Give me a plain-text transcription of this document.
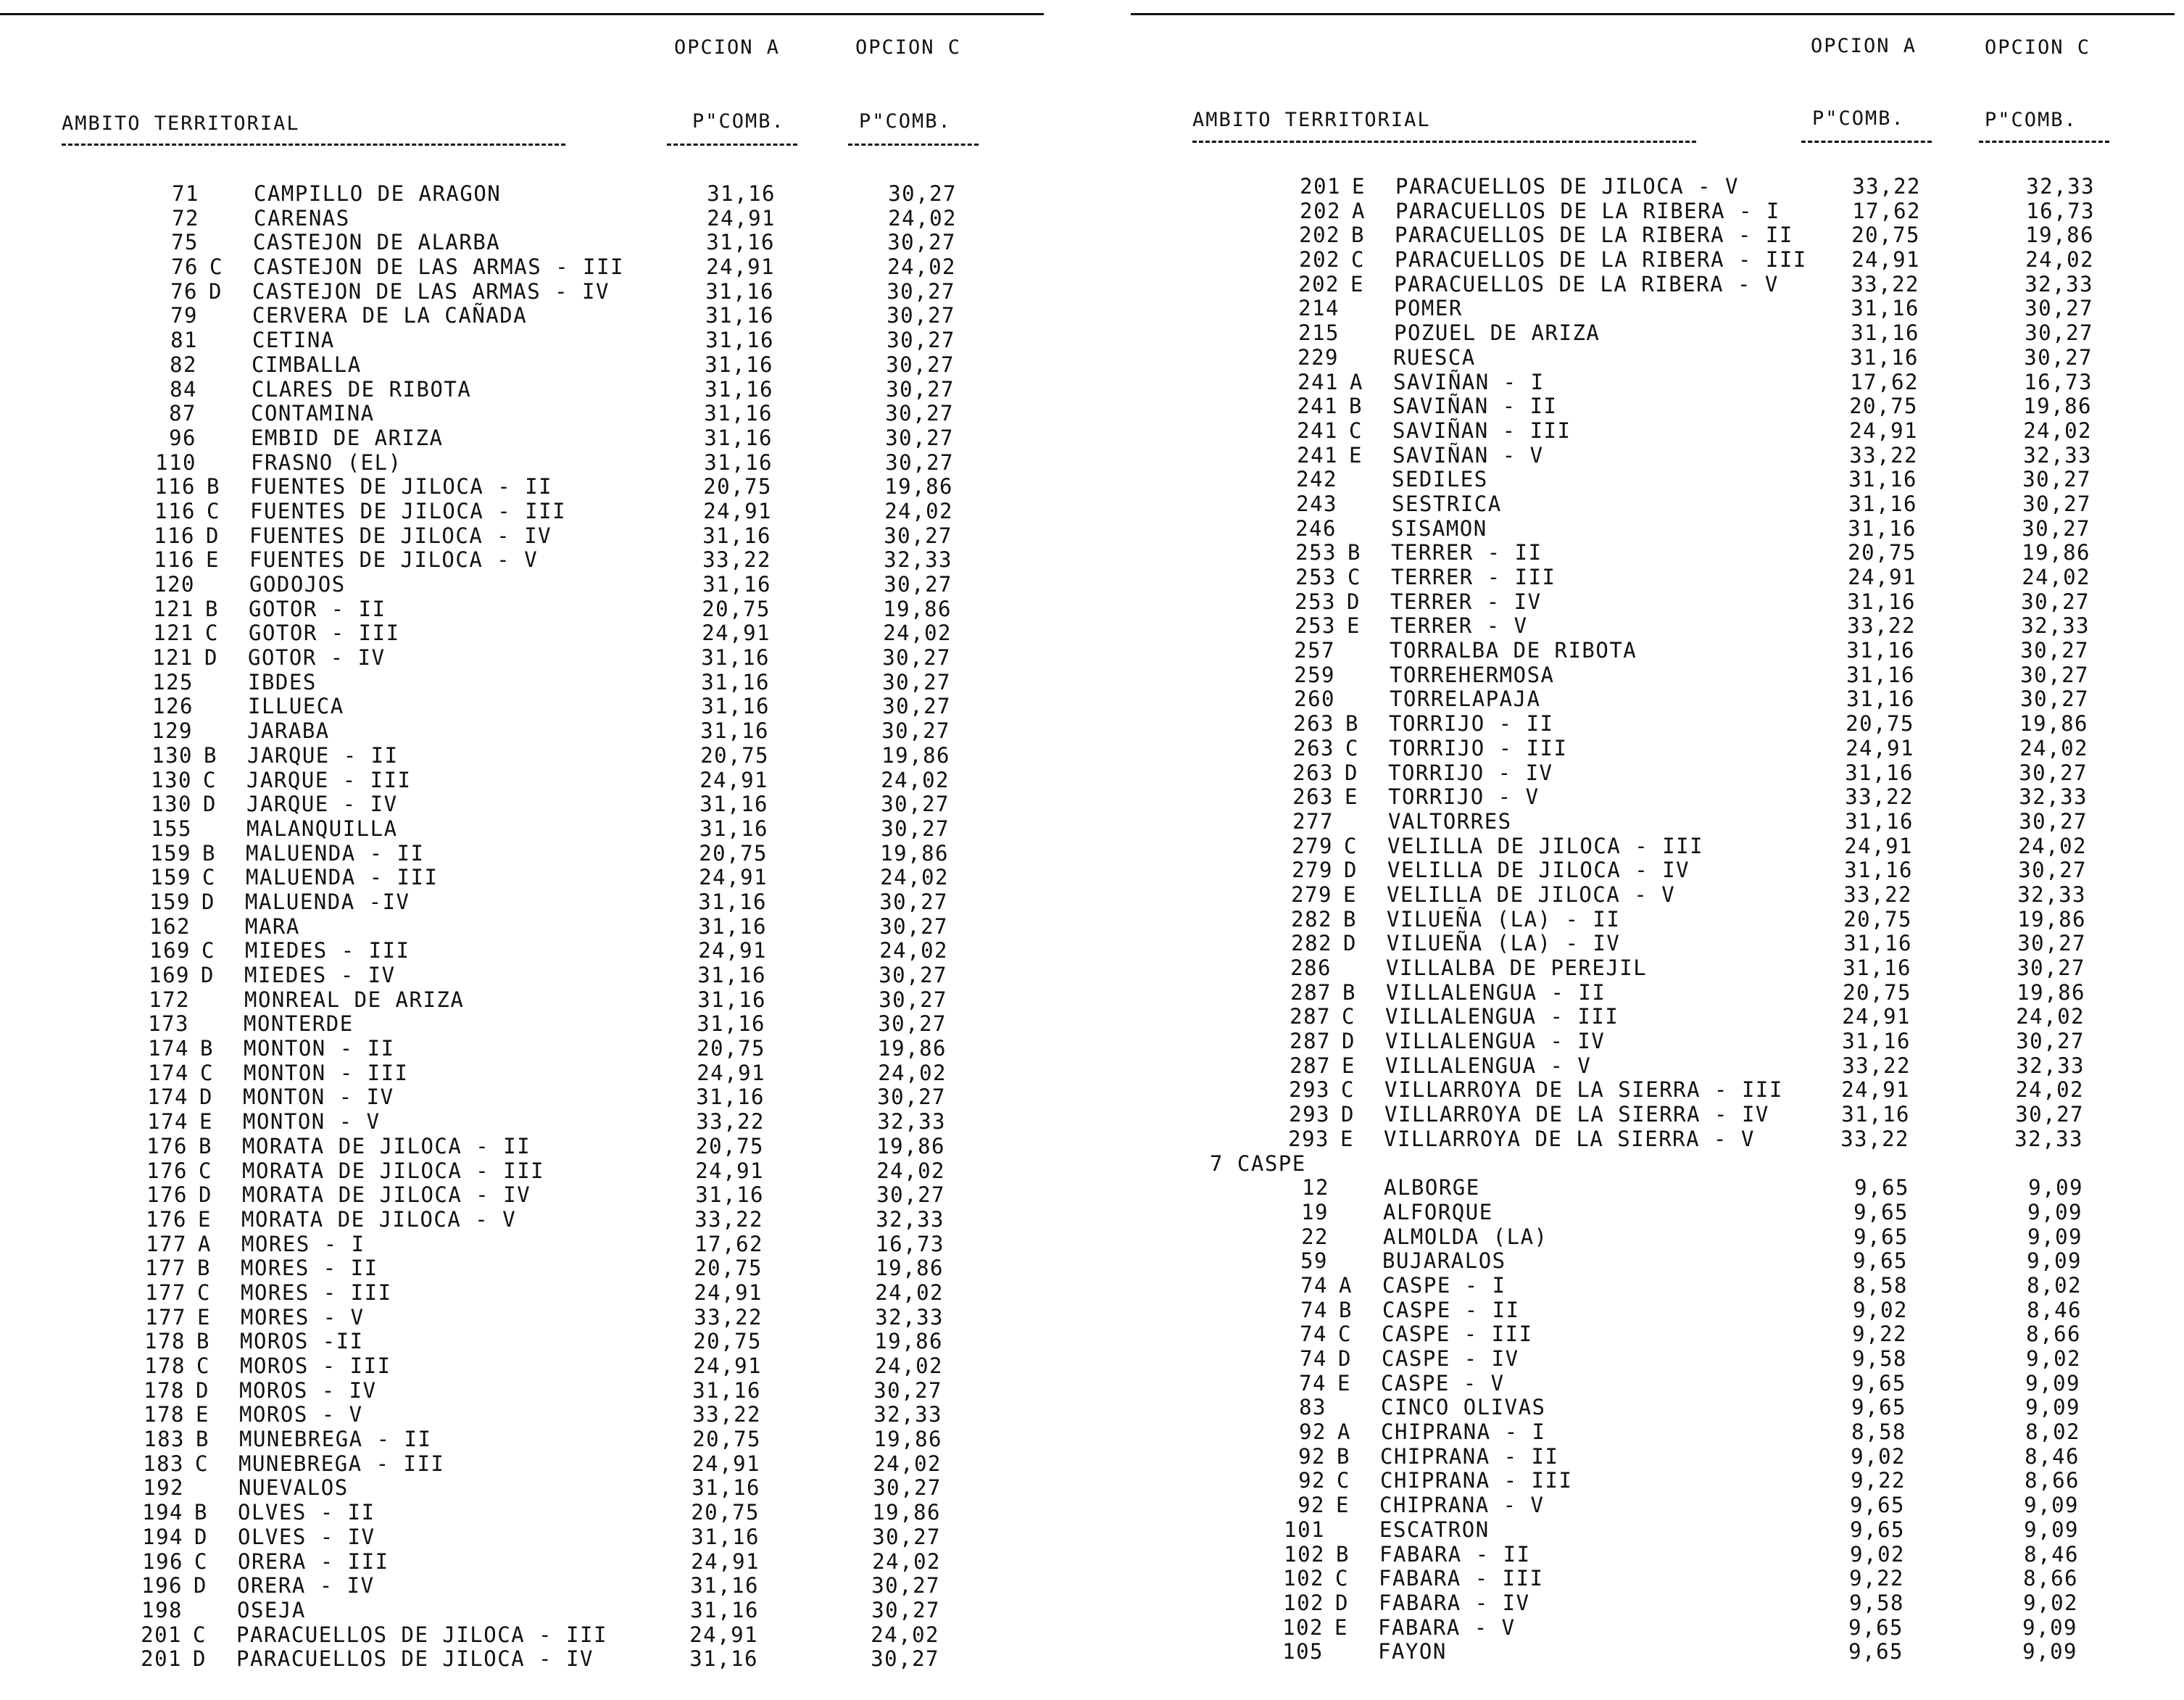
OPCION A	OPCION C
AMBITO TERRITORIAL	P"COMB.	P"COMB.
71	CAMPILLO DE ARAGON	31,16	30,27
72	CARENAS	24,91	24,02
75	CASTEJON DE ALARBA	31,16	30,27
76 C	CASTEJON DE LAS ARMAS - III	24,91	24,02
76 D	CASTEJON DE LAS ARMAS - IV	31,16	30,27
79	CERVERA DE LA CAÑADA	31,16	30,27
81	CETINA	31,16	30,27
82	CIMBALLA	31,16	30,27
84	CLARES DE RIBOTA	31,16	30,27
87	CONTAMINA	31,16	30,27
96	EMBID DE ARIZA	31,16	30,27
110	FRASNO (EL)	31,16	30,27
116 B	FUENTES DE JILOCA - II	20,75	19,86
116 C	FUENTES DE JILOCA - III	24,91	24,02
116 D	FUENTES DE JILOCA - IV	31,16	30,27
116 E	FUENTES DE JILOCA - V	33,22	32,33
120	GODOJOS	31,16	30,27
121 B	GOTOR - II	20,75	19,86
121 C	GOTOR - III	24,91	24,02
121 D	GOTOR - IV	31,16	30,27
125	IBDES	31,16	30,27
126	ILLUECA	31,16	30,27
129	JARABA	31,16	30,27
130 B	JARQUE - II	20,75	19,86
130 C	JARQUE - III	24,91	24,02
130 D	JARQUE - IV	31,16	30,27
155	MALANQUILLA	31,16	30,27
159 B	MALUENDA - II	20,75	19,86
159 C	MALUENDA - III	24,91	24,02
159 D	MALUENDA -IV	31,16	30,27
162	MARA	31,16	30,27
169 C	MIEDES - III	24,91	24,02
169 D	MIEDES - IV	31,16	30,27
172	MONREAL DE ARIZA	31,16	30,27
173	MONTERDE	31,16	30,27
174 B	MONTON - II	20,75	19,86
174 C	MONTON - III	24,91	24,02
174 D	MONTON - IV	31,16	30,27
174 E	MONTON - V	33,22	32,33
176 B	MORATA DE JILOCA - II	20,75	19,86
176 C	MORATA DE JILOCA - III	24,91	24,02
176 D	MORATA DE JILOCA - IV	31,16	30,27
176 E	MORATA DE JILOCA - V	33,22	32,33
177 A	MORES - I	17,62	16,73
177 B	MORES - II	20,75	19,86
177 C	MORES - III	24,91	24,02
177 E	MORES - V	33,22	32,33
178 B	MOROS -II	20,75	19,86
178 C	MOROS - III	24,91	24,02
178 D	MOROS - IV	31,16	30,27
178 E	MOROS - V	33,22	32,33
183 B	MUNEBREGA - II	20,75	19,86
183 C	MUNEBREGA - III	24,91	24,02
192	NUEVALOS	31,16	30,27
194 B	OLVES - II	20,75	19,86
194 D	OLVES - IV	31,16	30,27
196 C	ORERA - III	24,91	24,02
196 D	ORERA - IV	31,16	30,27
198	OSEJA	31,16	30,27
201 C	PARACUELLOS DE JILOCA - III	24,91	24,02
201 D	PARACUELLOS DE JILOCA - IV	31,16	30,27
OPCION A	OPCION C
AMBITO TERRITORIAL	P"COMB.	P"COMB.
201 E	PARACUELLOS DE JILOCA - V	33,22	32,33
202 A	PARACUELLOS DE LA RIBERA - I	17,62	16,73
202 B	PARACUELLOS DE LA RIBERA - II	20,75	19,86
202 C	PARACUELLOS DE LA RIBERA - III	24,91	24,02
202 E	PARACUELLOS DE LA RIBERA - V	33,22	32,33
214	POMER	31,16	30,27
215	POZUEL DE ARIZA	31,16	30,27
229	RUESCA	31,16	30,27
241 A	SAVIÑAN - I	17,62	16,73
241 B	SAVIÑAN - II	20,75	19,86
241 C	SAVIÑAN - III	24,91	24,02
241 E	SAVIÑAN - V	33,22	32,33
242	SEDILES	31,16	30,27
243	SESTRICA	31,16	30,27
246	SISAMON	31,16	30,27
253 B	TERRER - II	20,75	19,86
253 C	TERRER - III	24,91	24,02
253 D	TERRER - IV	31,16	30,27
253 E	TERRER - V	33,22	32,33
257	TORRALBA DE RIBOTA	31,16	30,27
259	TORREHERMOSA	31,16	30,27
260	TORRELAPAJA	31,16	30,27
263 B	TORRIJO - II	20,75	19,86
263 C	TORRIJO - III	24,91	24,02
263 D	TORRIJO - IV	31,16	30,27
263 E	TORRIJO - V	33,22	32,33
277	VALTORRES	31,16	30,27
279 C	VELILLA DE JILOCA - III	24,91	24,02
279 D	VELILLA DE JILOCA - IV	31,16	30,27
279 E	VELILLA DE JILOCA - V	33,22	32,33
282 B	VILUEÑA (LA) - II	20,75	19,86
282 D	VILUEÑA (LA) - IV	31,16	30,27
286	VILLALBA DE PEREJIL	31,16	30,27
287 B	VILLALENGUA - II	20,75	19,86
287 C	VILLALENGUA - III	24,91	24,02
287 D	VILLALENGUA - IV	31,16	30,27
287 E	VILLALENGUA - V	33,22	32,33
293 C	VILLARROYA DE LA SIERRA - III	24,91	24,02
293 D	VILLARROYA DE LA SIERRA - IV	31,16	30,27
293 E	VILLARROYA DE LA SIERRA - V	33,22	32,33
7 CASPE
12	ALBORGE	9,65	9,09
19	ALFORQUE	9,65	9,09
22	ALMOLDA (LA)	9,65	9,09
59	BUJARALOS	9,65	9,09
74 A	CASPE - I	8,58	8,02
74 B	CASPE - II	9,02	8,46
74 C	CASPE - III	9,22	8,66
74 D	CASPE - IV	9,58	9,02
74 E	CASPE - V	9,65	9,09
83	CINCO OLIVAS	9,65	9,09
92 A	CHIPRANA - I	8,58	8,02
92 B	CHIPRANA - II	9,02	8,46
92 C	CHIPRANA - III	9,22	8,66
92 E	CHIPRANA - V	9,65	9,09
101	ESCATRON	9,65	9,09
102 B	FABARA - II	9,02	8,46
102 C	FABARA - III	9,22	8,66
102 D	FABARA - IV	9,58	9,02
102 E	FABARA - V	9,65	9,09
105	FAYON	9,65	9,09
